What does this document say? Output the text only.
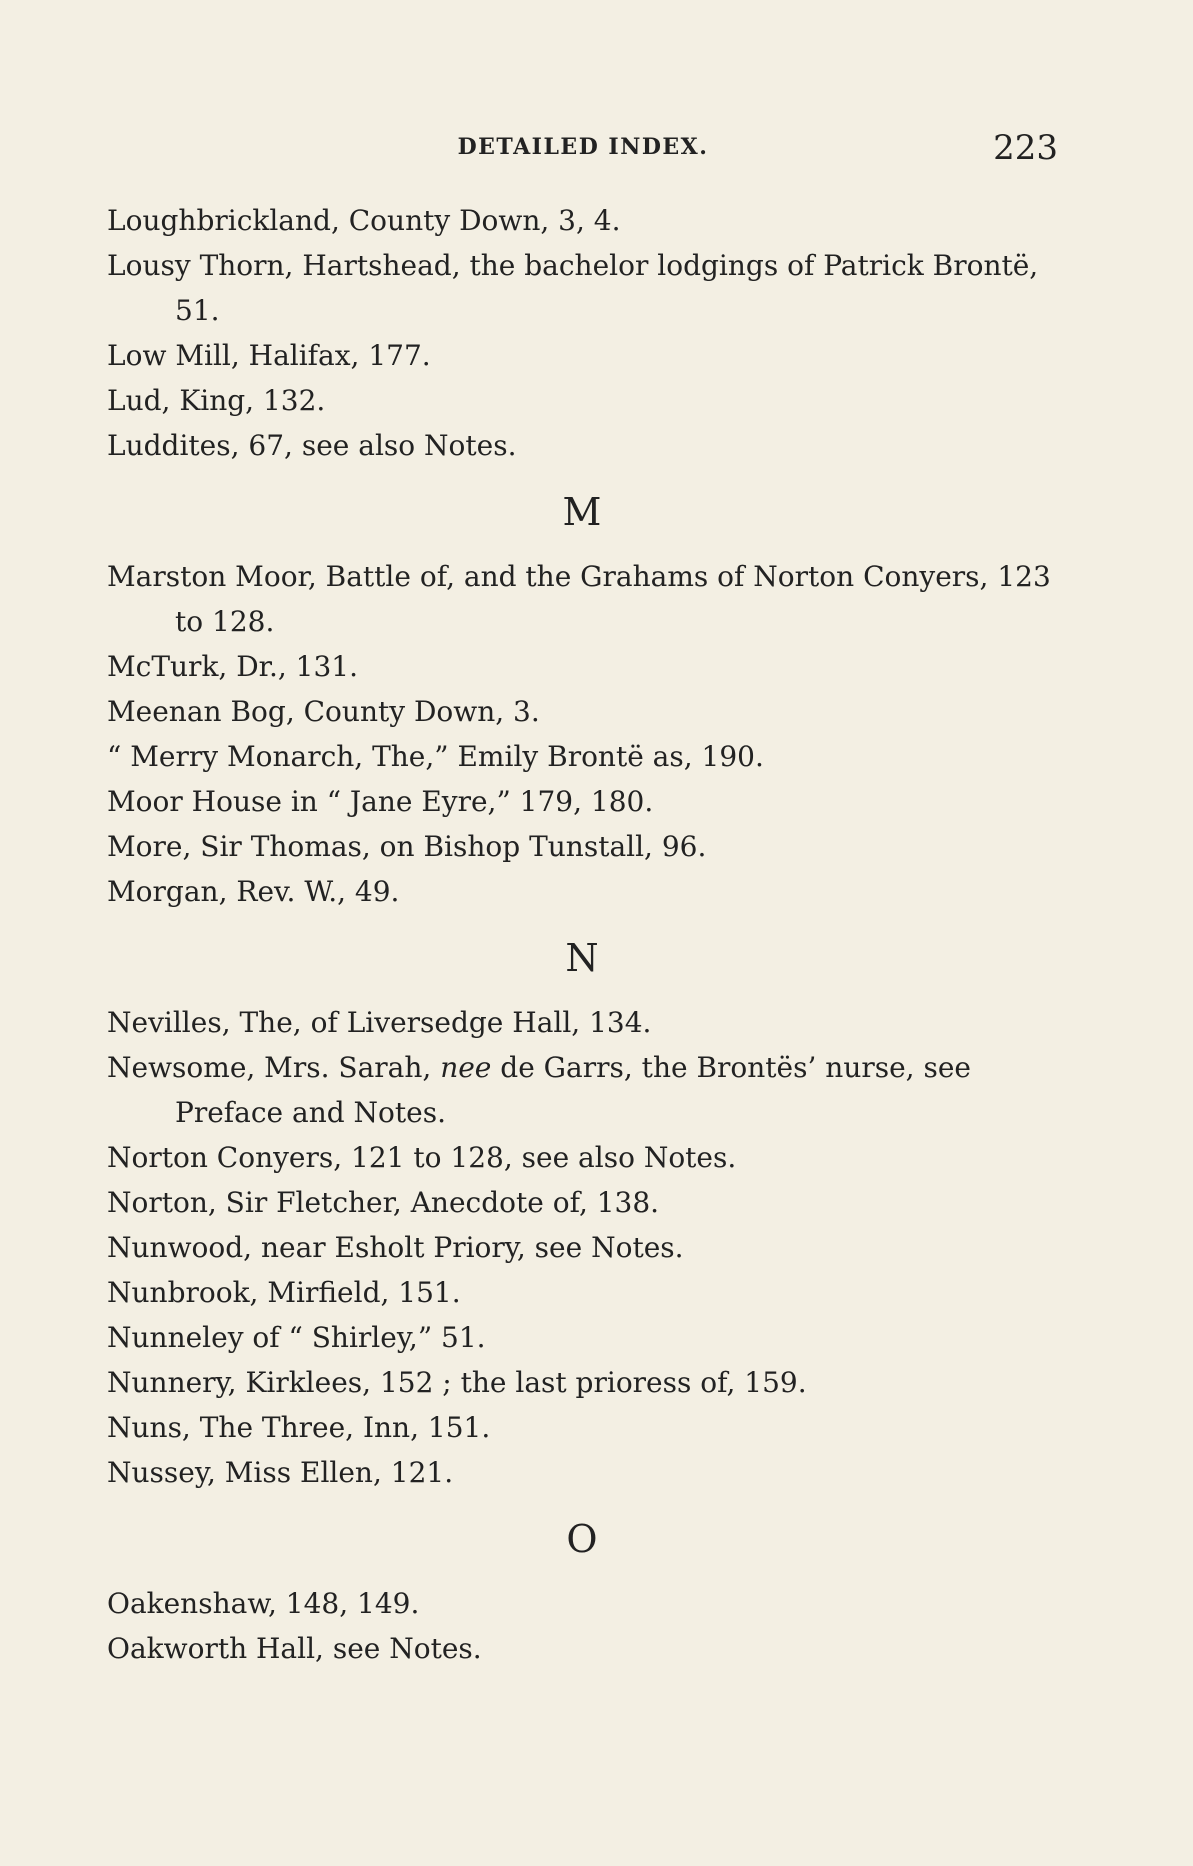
DETAILED INDEX.	223

Loughbrickland, County Down, 3, 4.

Lousy Thorn, Hartshead, the bachelor lodgings of Patrick Brontë, 51.

Low Mill, Halifax, 177.

Lud, King, 132.

Luddites, 67, see also Notes.

M

Marston Moor, Battle of, and the Grahams of Norton Conyers, 123 to 128.

McTurk, Dr., 131.

Meenan Bog, County Down, 3.

“ Merry Monarch, The,” Emily Brontë as, 190.

Moor House in “ Jane Eyre,” 179, 180.

More, Sir Thomas, on Bishop Tunstall, 96.

Morgan, Rev. W., 49.

N

Nevilles, The, of Liversedge Hall, 134.

Newsome, Mrs. Sarah, nee de Garrs, the Brontës’ nurse, see Preface and Notes.

Norton Conyers, 121 to 128, see also Notes.

Norton, Sir Fletcher, Anecdote of, 138.

Nunwood, near Esholt Priory, see Notes.

Nunbrook, Mirfield, 151.

Nunneley of “ Shirley,” 51.

Nunnery, Kirklees, 152 ; the last prioress of, 159.

Nuns, The Three, Inn, 151.

Nussey, Miss Ellen, 121.

O

Oakenshaw, 148, 149.

Oakworth Hall, see Notes.
